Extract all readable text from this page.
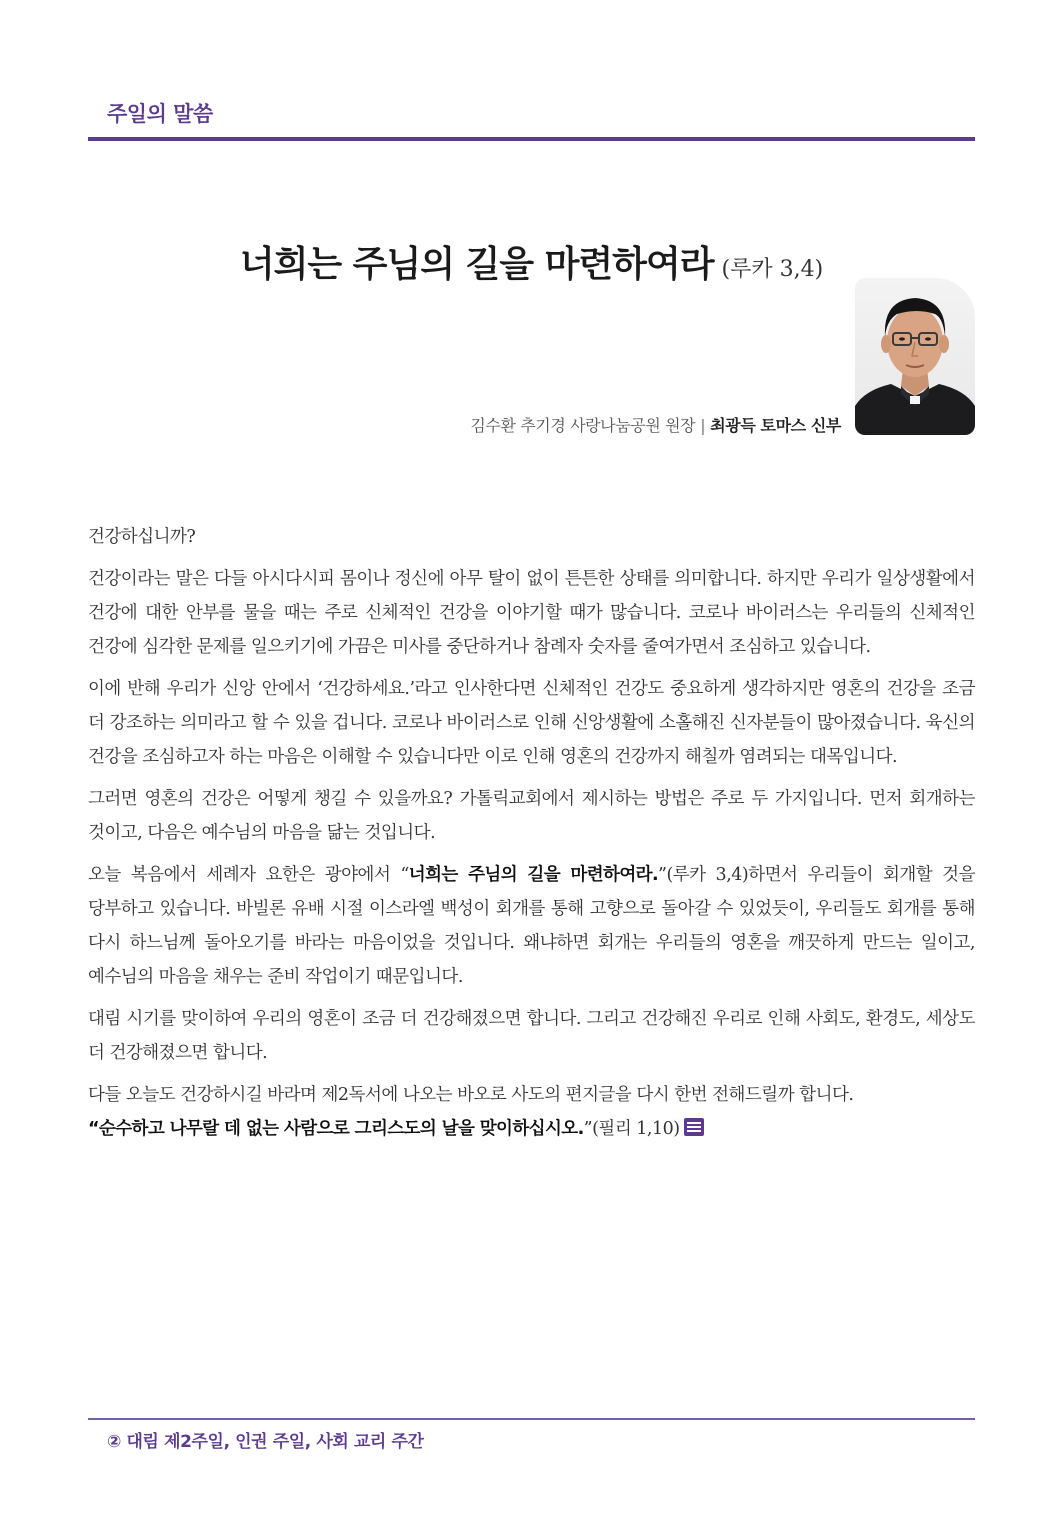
주일의 말씀
너희는 주님의 길을 마련하여라 (루카 3,4)
김수환 추기경 사랑나눔공원 원장 | 최광득 토마스 신부

건강하십니까?

건강이라는 말은 다들 아시다시피 몸이나 정신에 아무 탈이 없이 튼튼한 상태를 의미합니다. 하지만 우리가 일상생활에서 건강에 대한 안부를 물을 때는 주로 신체적인 건강을 이야기할 때가 많습니다. 코로나 바이러스는 우리들의 신체적인 건강에 심각한 문제를 일으키기에 가끔은 미사를 중단하거나 참례자 숫자를 줄여가면서 조심하고 있습니다.

이에 반해 우리가 신앙 안에서 ‘건강하세요.’라고 인사한다면 신체적인 건강도 중요하게 생각하지만 영혼의 건강을 조금 더 강조하는 의미라고 할 수 있을 겁니다. 코로나 바이러스로 인해 신앙생활에 소홀해진 신자분들이 많아졌습니다. 육신의 건강을 조심하고자 하는 마음은 이해할 수 있습니다만 이로 인해 영혼의 건강까지 해칠까 염려되는 대목입니다.

그러면 영혼의 건강은 어떻게 챙길 수 있을까요? 가톨릭교회에서 제시하는 방법은 주로 두 가지입니다. 먼저 회개하는 것이고, 다음은 예수님의 마음을 닮는 것입니다.

오늘 복음에서 세례자 요한은 광야에서 “너희는 주님의 길을 마련하여라.”(루카 3,4)하면서 우리들이 회개할 것을 당부하고 있습니다. 바빌론 유배 시절 이스라엘 백성이 회개를 통해 고향으로 돌아갈 수 있었듯이, 우리들도 회개를 통해 다시 하느님께 돌아오기를 바라는 마음이었을 것입니다. 왜냐하면 회개는 우리들의 영혼을 깨끗하게 만드는 일이고, 예수님의 마음을 채우는 준비 작업이기 때문입니다.

대림 시기를 맞이하여 우리의 영혼이 조금 더 건강해졌으면 합니다. 그리고 건강해진 우리로 인해 사회도, 환경도, 세상도 더 건강해졌으면 합니다.

다들 오늘도 건강하시길 바라며 제2독서에 나오는 바오로 사도의 편지글을 다시 한번 전해드릴까 합니다.

“순수하고 나무랄 데 없는 사람으로 그리스도의 날을 맞이하십시오.”(필리 1,10)

② 대림 제2주일, 인권 주일, 사회 교리 주간
